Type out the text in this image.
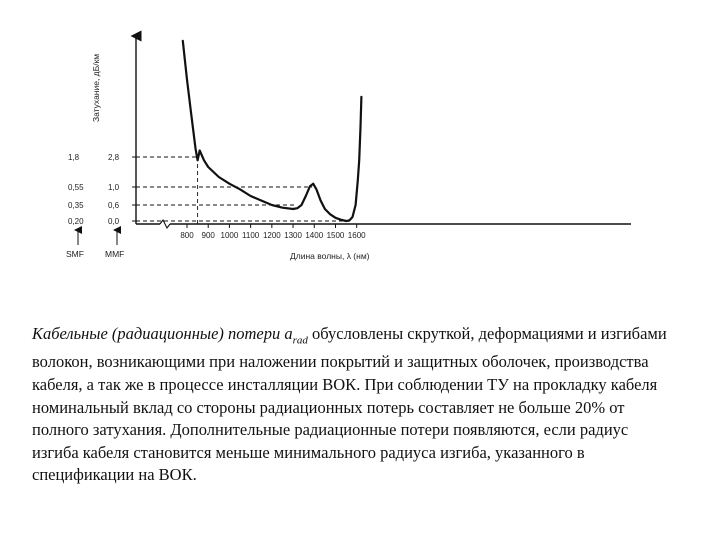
800 900 1000 1100 1200 1300 1400 1500 1600
1,8	2,8
0,55	1,0
0,35	0,6
0,20	0,0
Затухание, дБ/км
Длина волны, λ (нм)
SMF MMF

Кабельные (радиационные) потери $a_{rad}$ обусловлены скруткой, деформациями и изгибами волокон, возникающими при наложении покрытий и защитных оболочек, производства кабеля, а так же в процессе инсталляции ВОК. При соблюдении ТУ на прокладку кабеля номинальный вклад со стороны радиационных потерь составляет не больше 20% от полного затухания. Дополнительные радиационные потери появляются, если радиус изгиба кабеля становится меньше минимального радиуса изгиба, указанного в спецификации на ВОК.
